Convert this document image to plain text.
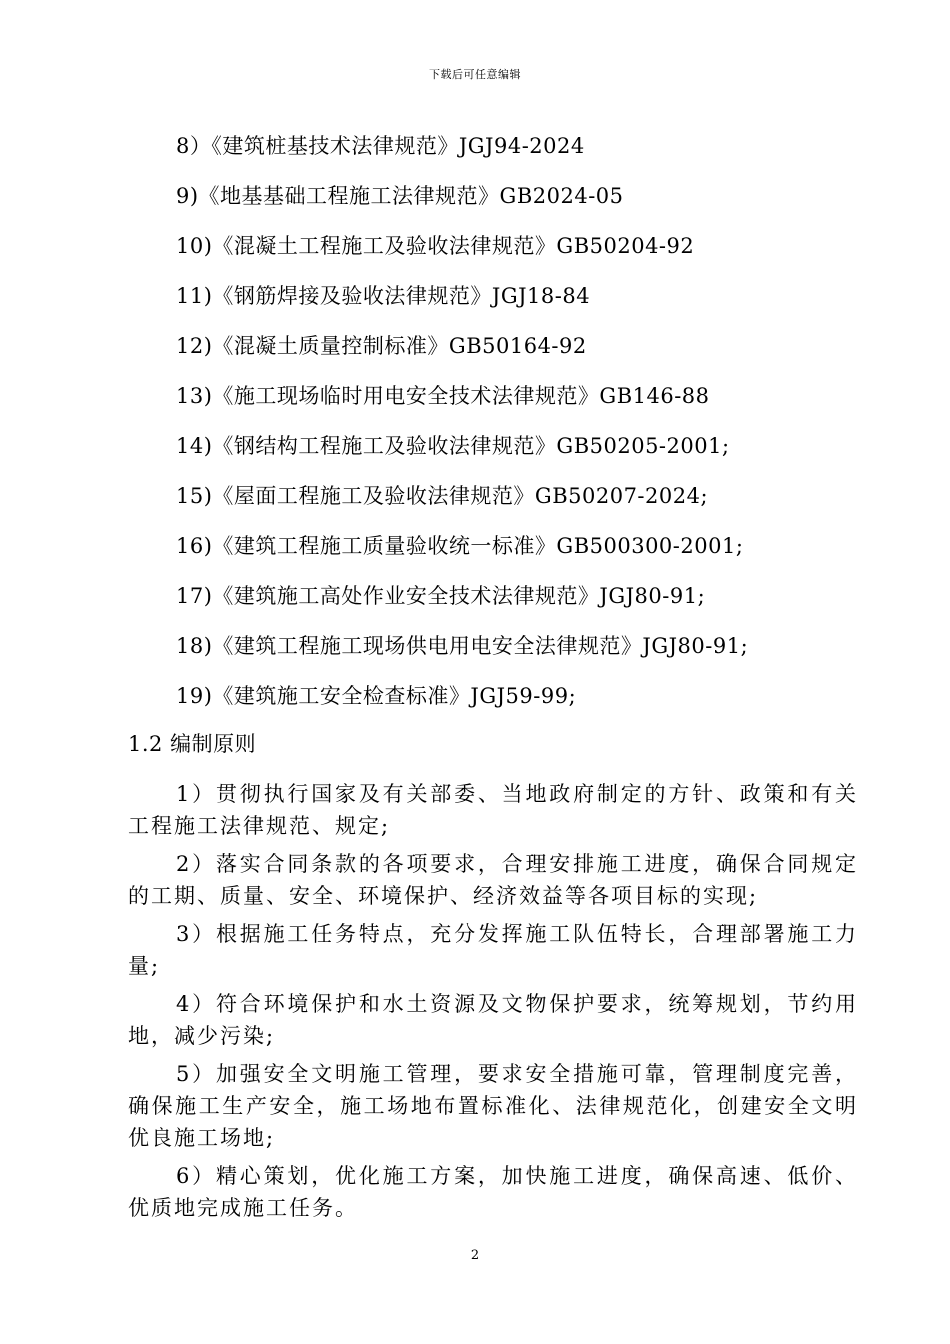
下载后可任意编辑
8）《建筑桩基技术法律规范》JGJ94-2024
9)《地基基础工程施工法律规范》GB2024-05
10)《混凝土工程施工及验收法律规范》GB50204-92
11)《钢筋焊接及验收法律规范》JGJ18-84
12)《混凝土质量控制标准》GB50164-92
13)《施工现场临时用电安全技术法律规范》GB146-88
14)《钢结构工程施工及验收法律规范》GB50205-2001;
15)《屋面工程施工及验收法律规范》GB50207-2024;
16)《建筑工程施工质量验收统一标准》GB500300-2001;
17)《建筑施工高处作业安全技术法律规范》JGJ80-91;
18)《建筑工程施工现场供电用电安全法律规范》JGJ80-91;
19)《建筑施工安全检查标准》JGJ59-99;
1.2 编制原则

1）贯彻执行国家及有关部委、当地政府制定的方针、政策和有关工程施工法律规范、规定;

2）落实合同条款的各项要求，合理安排施工进度，确保合同规定的工期、质量、安全、环境保护、经济效益等各项目标的实现;

3）根据施工任务特点，充分发挥施工队伍特长，合理部署施工力量;

4）符合环境保护和水土资源及文物保护要求，统筹规划，节约用地，减少污染;

5）加强安全文明施工管理，要求安全措施可靠，管理制度完善，确保施工生产安全，施工场地布置标准化、法律规范化，创建安全文明优良施工场地;

6）精心策划，优化施工方案，加快施工进度，确保高速、低价、优质地完成施工任务。

2
